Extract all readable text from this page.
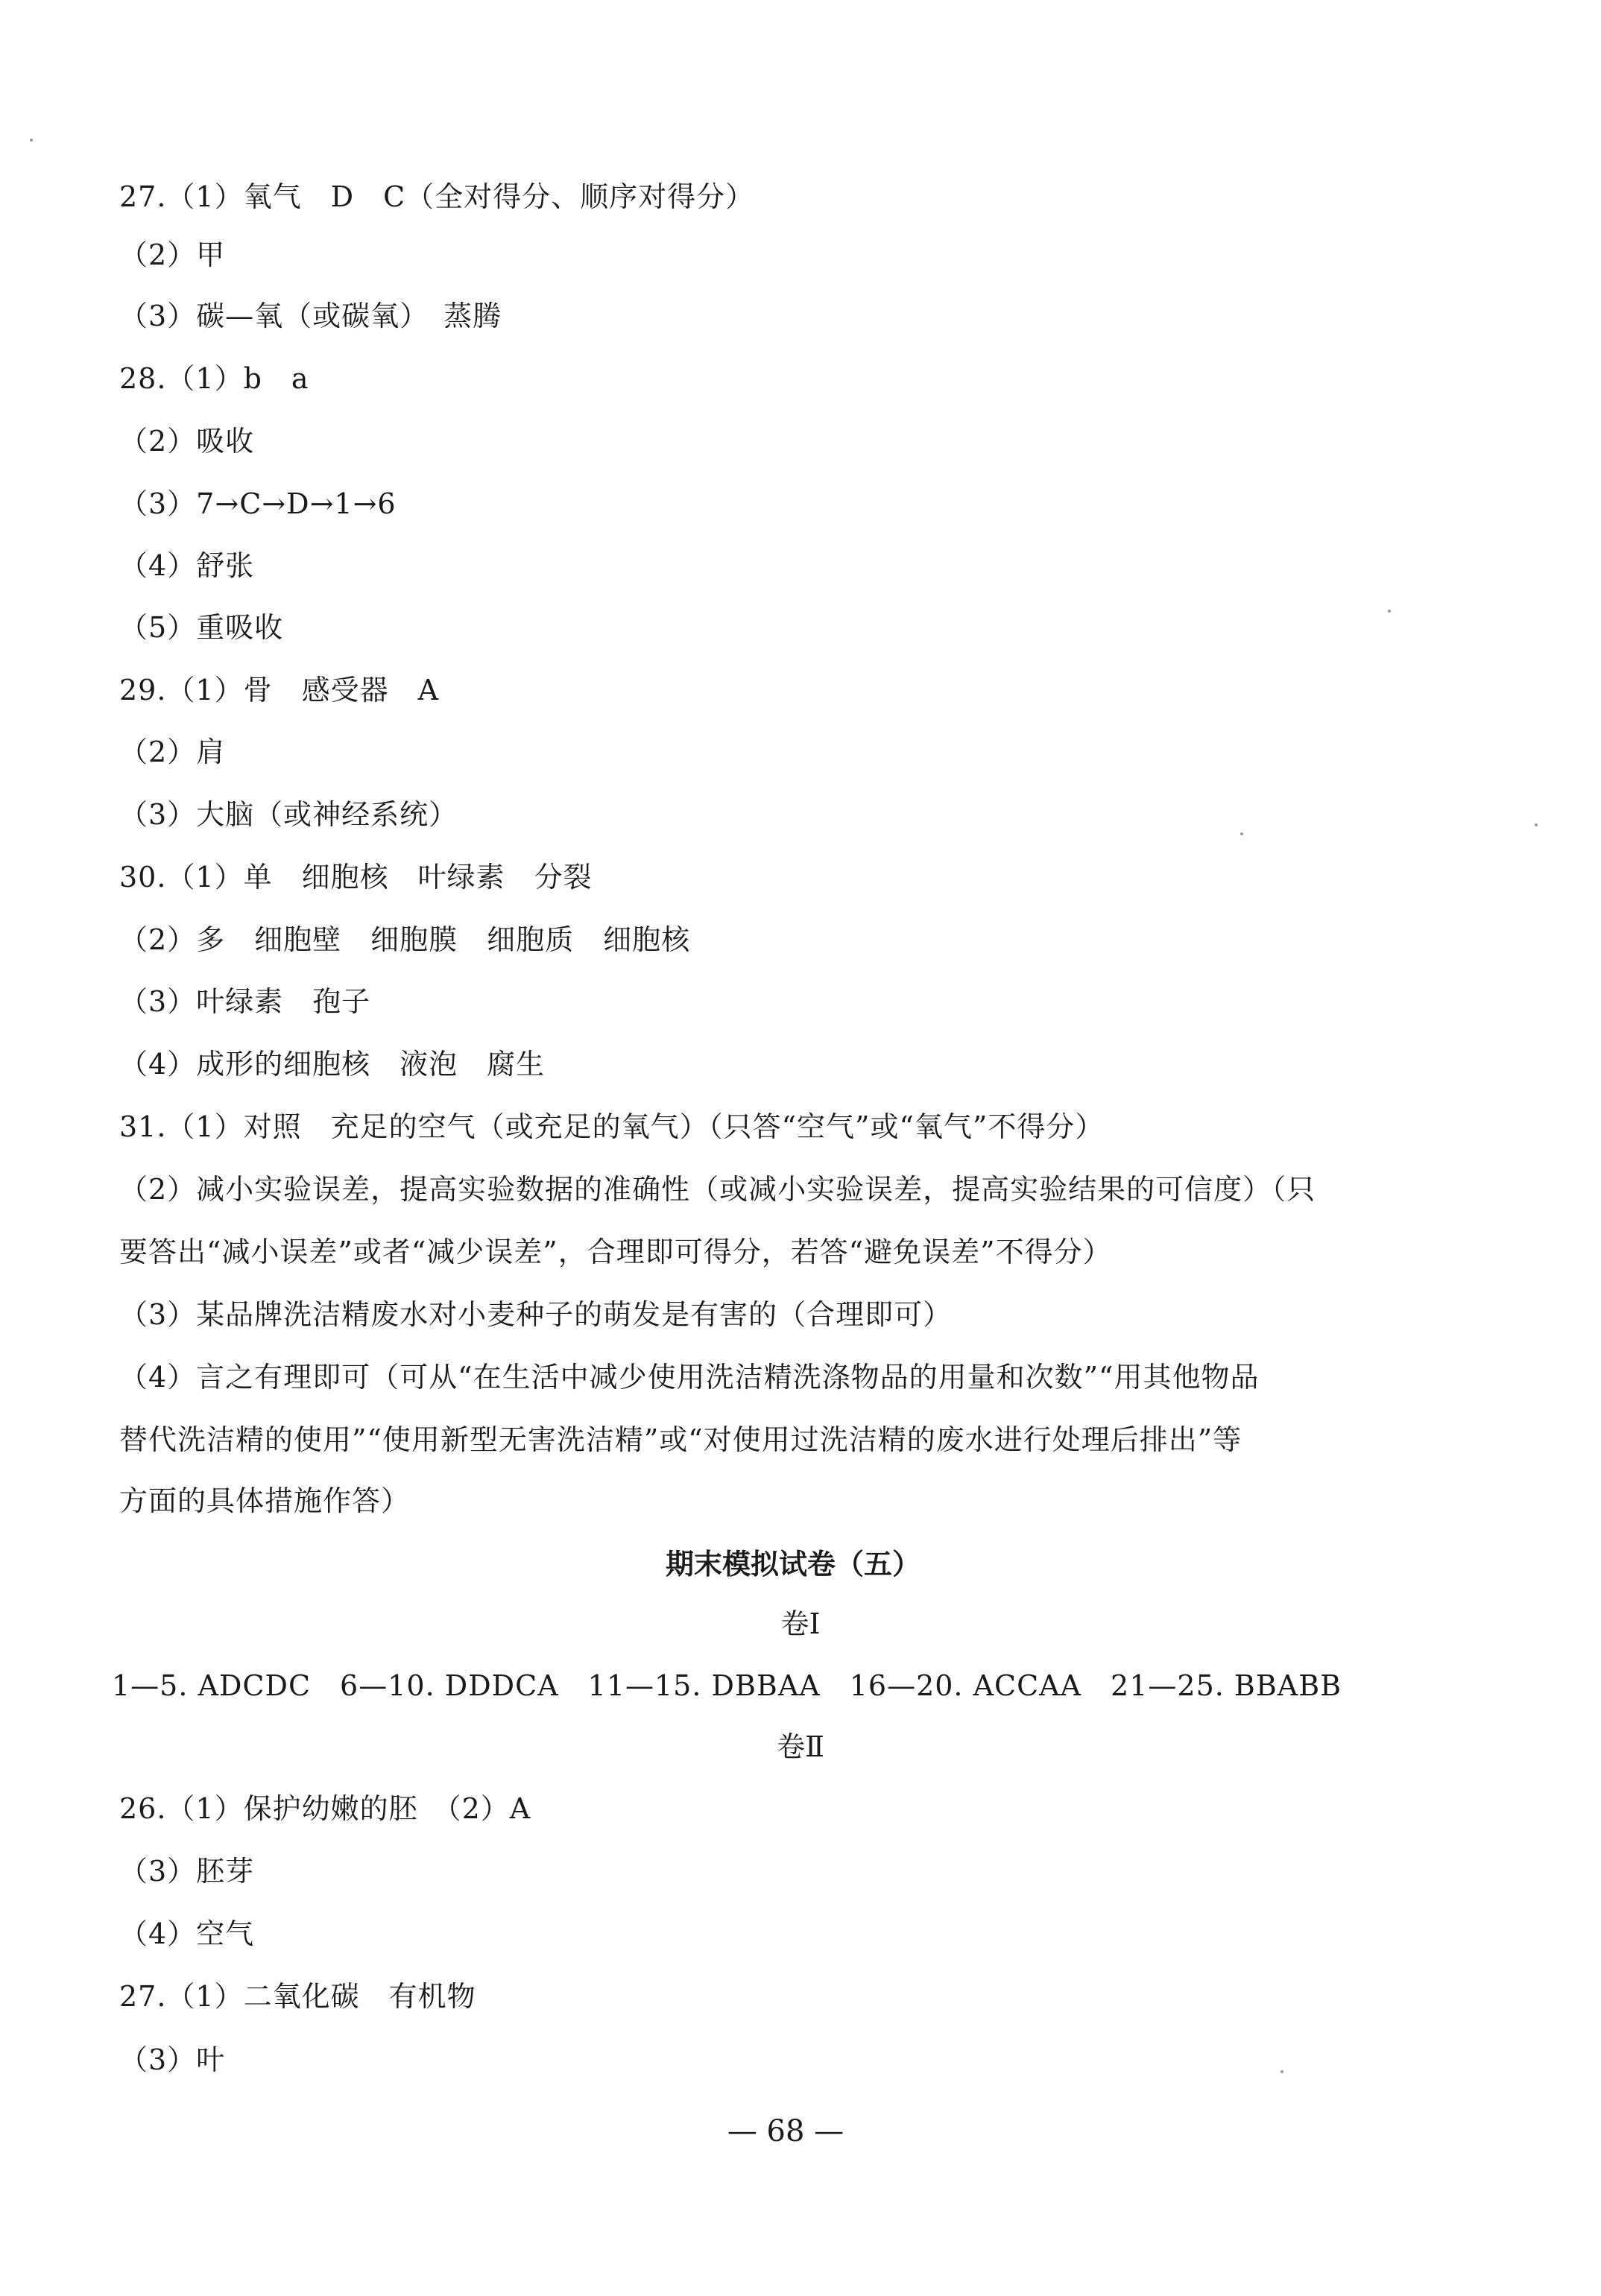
27.（1）氧气　D　C（全对得分、顺序对得分）
（2）甲
（3）碳—氧（或碳氧）　蒸腾
28.（1）b　a
（2）吸收
（3）7→C→D→1→6
（4）舒张
（5）重吸收
29.（1）骨　感受器　A
（2）肩
（3）大脑（或神经系统）
30.（1）单　细胞核　叶绿素　分裂
（2）多　细胞壁　细胞膜　细胞质　细胞核
（3）叶绿素　孢子
（4）成形的细胞核　液泡　腐生
31.（1）对照　充足的空气（或充足的氧气）（只答“空气”或“氧气”不得分）
（2）减小实验误差，提高实验数据的准确性（或减小实验误差，提高实验结果的可信度）（只
要答出“减小误差”或者“减少误差”，合理即可得分，若答“避免误差”不得分）
（3）某品牌洗洁精废水对小麦种子的萌发是有害的（合理即可）
（4）言之有理即可（可从“在生活中减少使用洗洁精洗涤物品的用量和次数”“用其他物品
替代洗洁精的使用”“使用新型无害洗洁精”或“对使用过洗洁精的废水进行处理后排出”等
方面的具体措施作答）
期末模拟试卷（五）
卷Ⅰ
1—5. ADCDC　6—10. DDDCA　11—15. DBBAA　16—20. ACCAA　21—25. BBABB
卷Ⅱ
26.（1）保护幼嫩的胚　（2）A
（3）胚芽
（4）空气
27.（1）二氧化碳　有机物
（3）叶
— 68 —
